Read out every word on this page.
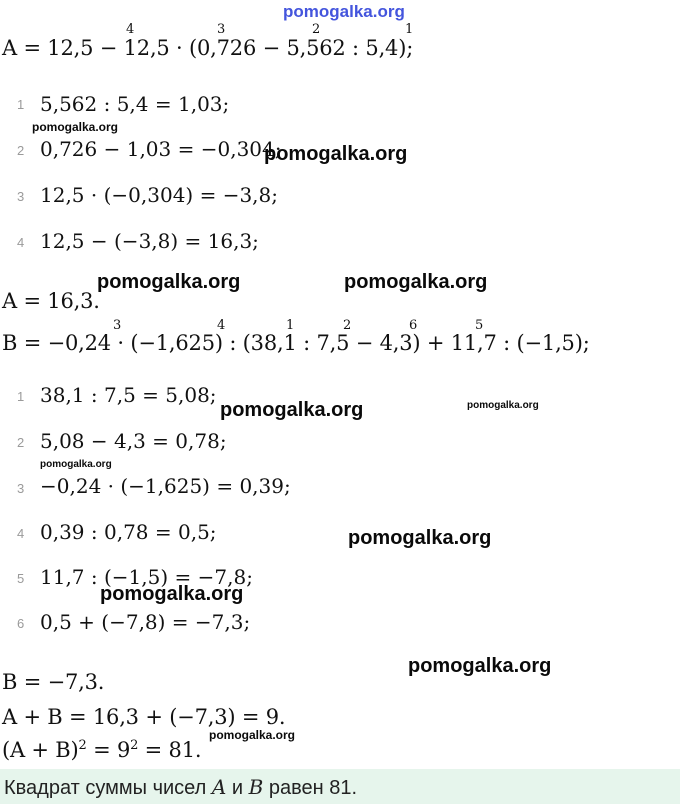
pomogalka.org
A = 12,5 − 12,5 · (0,726 − 5,562 : 5,4);
4	3	2	1
1 5,562 : 5,4 = 1,03;
2 0,726 − 1,03 = −0,304;
3 12,5 · (−0,304) = −3,8;
4 12,5 − (−3,8) = 16,3;
A = 16,3.
B = −0,24 · (−1,625) : (38,1 : 7,5 − 4,3) + 11,7 : (−1,5);
3	4	1	2	6	5
1 38,1 : 7,5 = 5,08;
2 5,08 − 4,3 = 0,78;
3 −0,24 · (−1,625) = 0,39;
4 0,39 : 0,78 = 0,5;
5 11,7 : (−1,5) = −7,8;
6 0,5 + (−7,8) = −7,3;
B = −7,3.
A + B = 16,3 + (−7,3) = 9.
$(A + B)^2 = 9^2 = 81$.
Квадрат суммы чисел A и B равен 81.
pomogalka.org
pomogalka.org
pomogalka.org	pomogalka.org
pomogalka.org	pomogalka.org
pomogalka.org
pomogalka.org
pomogalka.org
pomogalka.org
pomogalka.org
